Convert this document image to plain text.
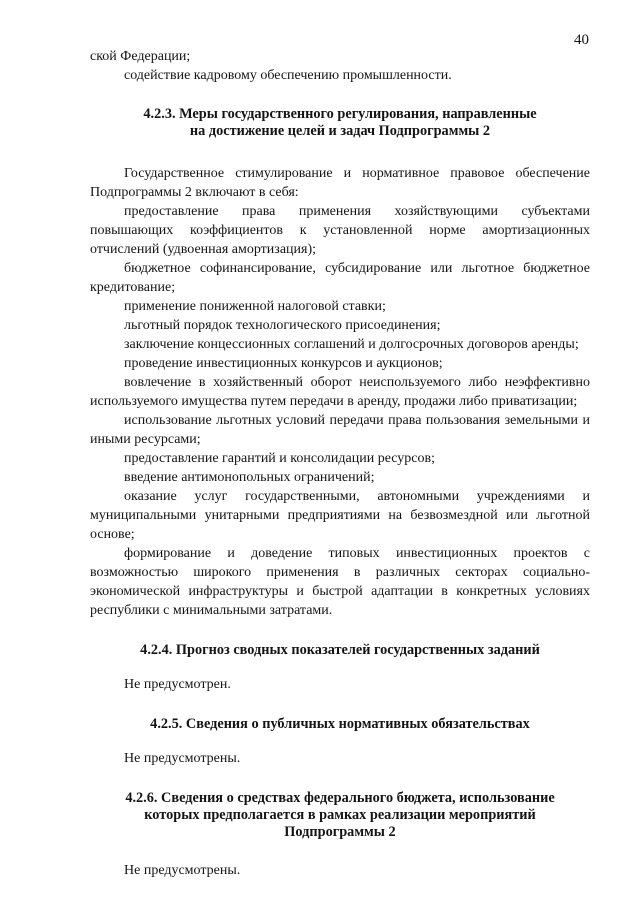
40

ской Федерации;

содействие кадровому обеспечению промышленности.

4.2.3. Меры государственного регулирования, направленные
на достижение целей и задач Подпрограммы 2

Государственное стимулирование и нормативное правовое обеспечение Подпрограммы 2 включают в себя:

предоставление права применения хозяйствующими субъектами повышающих коэффициентов к установленной норме амортизационных отчислений (удвоенная амортизация);

бюджетное софинансирование, субсидирование или льготное бюджетное кредитование;

применение пониженной налоговой ставки;

льготный порядок технологического присоединения;

заключение концессионных соглашений и долгосрочных договоров аренды;

проведение инвестиционных конкурсов и аукционов;

вовлечение в хозяйственный оборот неиспользуемого либо неэффективно используемого имущества путем передачи в аренду, продажи либо приватизации;

использование льготных условий передачи права пользования земельными и иными ресурсами;

предоставление гарантий и консолидации ресурсов;

введение антимонопольных ограничений;

оказание услуг государственными, автономными учреждениями и муниципальными унитарными предприятиями на безвозмездной или льготной основе;

формирование и доведение типовых инвестиционных проектов с возможностью широкого применения в различных секторах социально-экономической инфраструктуры и быстрой адаптации в конкретных условиях республики с минимальными затратами.

4.2.4. Прогноз сводных показателей государственных заданий

Не предусмотрен.

4.2.5. Сведения о публичных нормативных обязательствах

Не предусмотрены.

4.2.6. Сведения о средствах федерального бюджета, использование
которых предполагается в рамках реализации мероприятий
Подпрограммы 2

Не предусмотрены.
